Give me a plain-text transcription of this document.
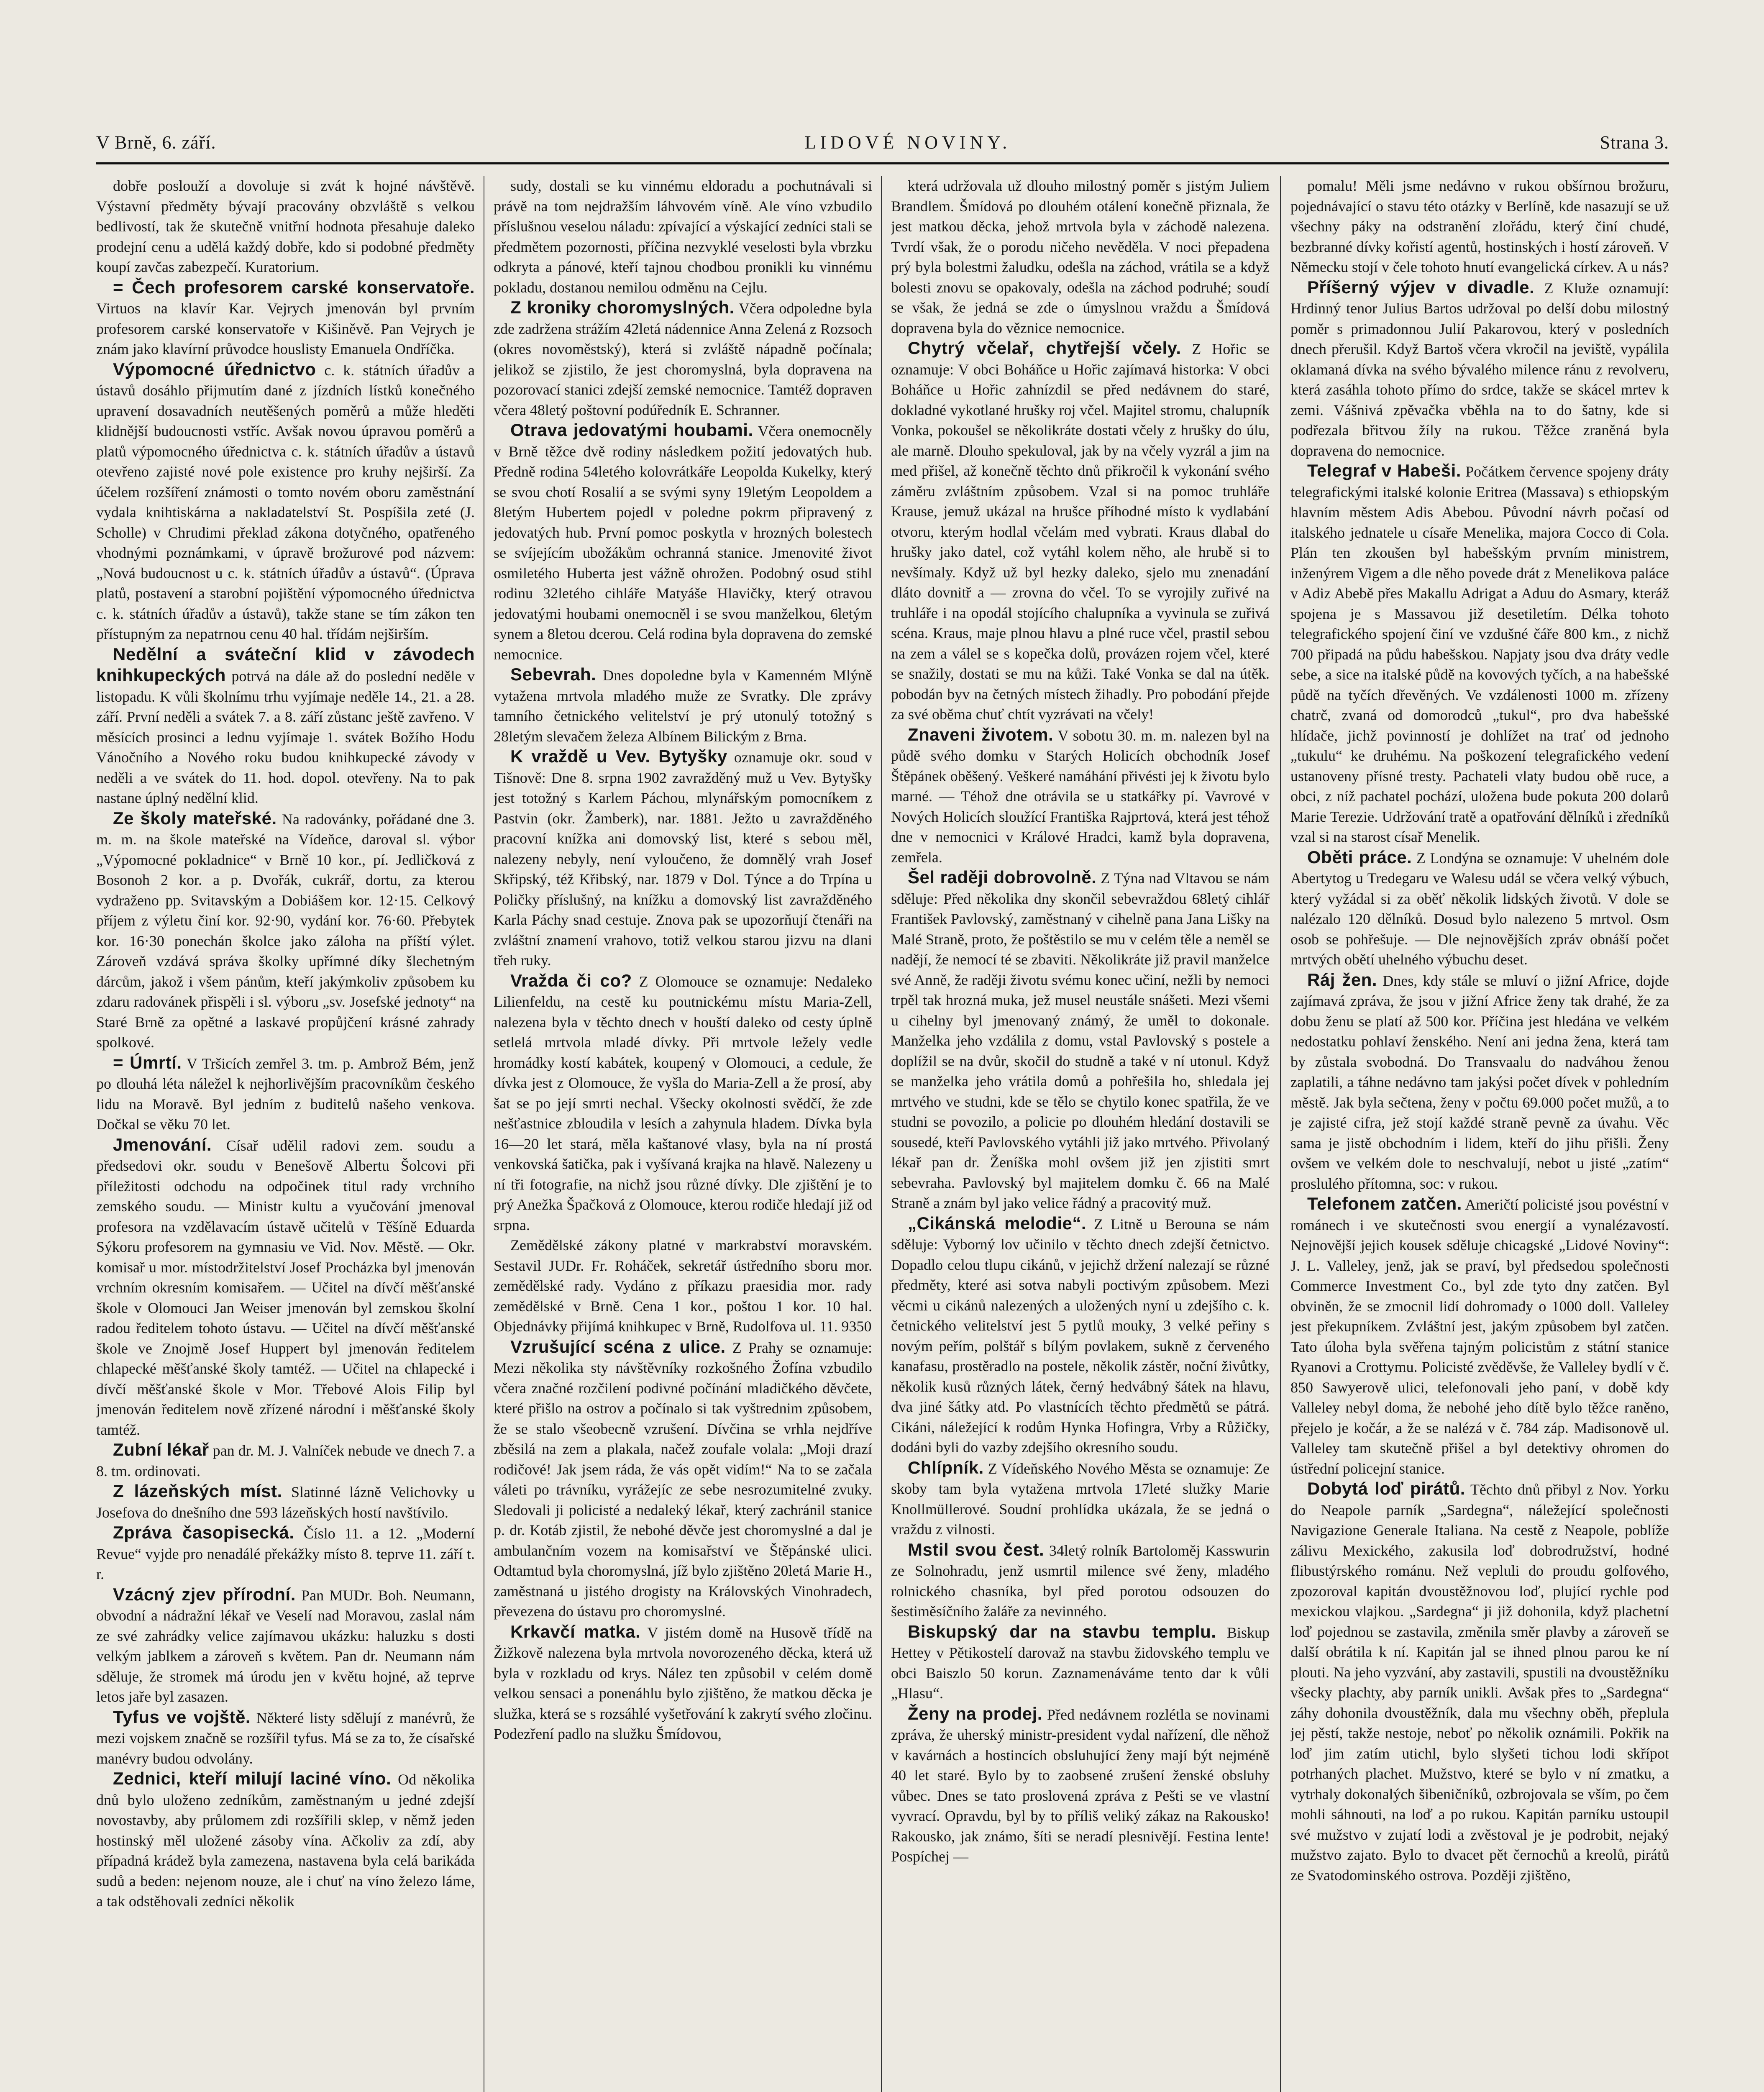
V Brně, 6. září.	LIDOVÉ NOVINY.	Strana 3.

dobře poslouží a dovoluje si zvát k hojné návštěvě. Výstavní předměty bývají pracovány obzvláště s velkou bedlivostí, tak že skutečně vnitřní hodnota přesahuje daleko prodejní cenu a udělá každý dobře, kdo si podobné předměty koupí zavčas zabezpečí. Kuratorium.

= Čech profesorem carské konservatoře. Virtuos na klavír Kar. Vejrych jmenován byl prvním profesorem carské konservatoře v Kišiněvě. Pan Vejrych je znám jako klavírní průvodce houslisty Emanuela Ondříčka.

Výpomocné úřednictvo c. k. státních úřadův a ústavů dosáhlo přijmutím dané z jízdních lístků konečného upravení dosavadních neutěšených poměrů a může hleděti klidnější budoucnosti vstříc. Avšak novou úpravou poměrů a platů výpomocného úřednictva c. k. státních úřadův a ústavů otevřeno zajisté nové pole existence pro kruhy nejširší. Za účelem rozšíření známosti o tomto novém oboru zaměstnání vydala knihtiskárna a nakladatelství St. Pospíšila zeté (J. Scholle) v Chrudimi překlad zákona dotyčného, opatřeného vhodnými poznámkami, v úpravě brožurové pod názvem: „Nová budoucnost u c. k. státních úřadův a ústavů“. (Úprava platů, postavení a starobní pojištění výpomocného úřednictva c. k. státních úřadův a ústavů), takže stane se tím zákon ten přístupným za nepatrnou cenu 40 hal. třídám nejširším.

Nedělní a sváteční klid v závodech knihkupeckých potrvá na dále až do poslední neděle v listopadu. K vůli školnímu trhu vyjímaje neděle 14., 21. a 28. září. První neděli a svátek 7. a 8. září zůstanc ještě zavřeno. V měsících prosinci a lednu vyjímaje 1. svátek Božího Hodu Vánočního a Nového roku budou knihkupecké závody v neděli a ve svátek do 11. hod. dopol. otevřeny. Na to pak nastane úplný nedělní klid.

Ze školy mateřské. Na radovánky, pořádané dne 3. m. m. na škole mateřské na Vídeňce, daroval sl. výbor „Výpomocné pokladnice“ v Brně 10 kor., pí. Jedličková z Bosonoh 2 kor. a p. Dvořák, cukrář, dortu, za kterou vydraženo pp. Svitavským a Dobiášem kor. 12·15. Celkový příjem z výletu činí kor. 92·90, vydání kor. 76·60. Přebytek kor. 16·30 ponechán školce jako záloha na příští výlet. Zároveň vzdává správa školky upřímné díky šlechetným dárcům, jakož i všem pánům, kteří jakýmkoliv způsobem ku zdaru radovánek přispěli i sl. výboru „sv. Josefské jednoty“ na Staré Brně za opětné a laskavé propůjčení krásné zahrady spolkové.

= Úmrtí. V Tršicích zemřel 3. tm. p. Ambrož Bém, jenž po dlouhá léta náležel k nejhorlivějším pracovníkům českého lidu na Moravě. Byl jedním z buditelů našeho venkova. Dočkal se věku 70 let.

Jmenování. Císař udělil radovi zem. soudu a předsedovi okr. soudu v Benešově Albertu Šolcovi při příležitosti odchodu na odpočinek titul rady vrchního zemského soudu. — Ministr kultu a vyučování jmenoval profesora na vzdělavacím ústavě učitelů v Těšíně Eduarda Sýkoru profesorem na gymnasiu ve Vid. Nov. Městě. — Okr. komisař u mor. místodržitelství Josef Procházka byl jmenován vrchním okresním komisařem. — Učitel na dívčí měšťanské škole v Olomouci Jan Weiser jmenován byl zemskou školní radou ředitelem tohoto ústavu. — Učitel na dívčí měšťanské škole ve Znojmě Josef Huppert byl jmenován ředitelem chlapecké měšťanské školy tamtéž. — Učitel na chlapecké i dívčí měšťanské škole v Mor. Třebové Alois Filip byl jmenován ředitelem nově zřízené národní i měšťanské školy tamtéž.

Zubní lékař pan dr. M. J. Valníček nebude ve dnech 7. a 8. tm. ordinovati.

Z lázeňských míst. Slatinné lázně Velichovky u Josefova do dnešního dne 593 lázeňských hostí navštívilo.

Zpráva časopisecká. Číslo 11. a 12. „Moderní Revue“ vyjde pro nenadálé překážky místo 8. teprve 11. září t. r.

Vzácný zjev přírodní. Pan MUDr. Boh. Neumann, obvodní a nádražní lékař ve Veselí nad Moravou, zaslal nám ze své zahrádky velice zajímavou ukázku: haluzku s dosti velkým jablkem a zároveň s květem. Pan dr. Neumann nám sděluje, že stromek má úrodu jen v květu hojné, až teprve letos jaře byl zasazen.

Tyfus ve vojště. Některé listy sdělují z manévrů, že mezi vojskem značně se rozšířil tyfus. Má se za to, že císařské manévry budou odvolány.

Zednici, kteří milují laciné víno. Od několika dnů bylo uloženo zedníkům, zaměstnaným u jedné zdejší novostavby, aby průlomem zdi rozšířili sklep, v němž jeden hostinský měl uložené zásoby vína. Ačkoliv za zdí, aby případná krádež byla zamezena, nastavena byla celá barikáda sudů a beden: nejenom nouze, ale i chuť na víno železo láme, a tak odstěhovali zedníci několik

sudy, dostali se ku vinnému eldoradu a pochutnávali si právě na tom nejdražším láhvovém víně. Ale víno vzbudilo příslušnou veselou náladu: zpívající a výskající zedníci stali se předmětem pozornosti, příčina nezvyklé veselosti byla vbrzku odkryta a pánové, kteří tajnou chodbou pronikli ku vinnému pokladu, dostanou nemilou odměnu na Cejlu.

Z kroniky choromyslných. Včera odpoledne byla zde zadržena strážím 42letá nádennice Anna Zelená z Rozsoch (okres novoměstský), která si zvláště nápadně počínala; jelikož se zjistilo, že jest choromyslná, byla dopravena na pozorovací stanici zdejší zemské nemocnice. Tamtéž dopraven včera 48letý poštovní podúředník E. Schranner.

Otrava jedovatými houbami. Včera onemocněly v Brně těžce dvě rodiny následkem požití jedovatých hub. Předně rodina 54letého kolovrátkáře Leopolda Kukelky, který se svou chotí Rosalií a se svými syny 19letým Leopoldem a 8letým Hubertem pojedl v poledne pokrm připravený z jedovatých hub. První pomoc poskytla v hrozných bolestech se svíjejícím ubožákům ochranná stanice. Jmenovité život osmiletého Huberta jest vážně ohrožen. Podobný osud stihl rodinu 32letého cihláře Matyáše Hlavičky, který otravou jedovatými houbami onemocněl i se svou manželkou, 6letým synem a 8letou dcerou. Celá rodina byla dopravena do zemské nemocnice.

Sebevrah. Dnes dopoledne byla v Kamenném Mlýně vytažena mrtvola mladého muže ze Svratky. Dle zprávy tamního četnického velitelství je prý utonulý totožný s 28letým slevačem železa Albínem Bilickým z Brna.

K vraždě u Vev. Bytyšky oznamuje okr. soud v Tišnově: Dne 8. srpna 1902 zavražděný muž u Vev. Bytyšky jest totožný s Karlem Páchou, mlynářským pomocníkem z Pastvin (okr. Žamberk), nar. 1881. Ježto u zavražděného pracovní knížka ani domovský list, které s sebou měl, nalezeny nebyly, není vyloučeno, že domnělý vrah Josef Skřipský, též Křibský, nar. 1879 v Dol. Týnce a do Trpína u Poličky příslušný, na knížku a domovský list zavražděného Karla Páchy snad cestuje. Znova pak se upozorňují čtenáři na zvláštní znamení vrahovo, totiž velkou starou jizvu na dlani třeh ruky.

Vražda či co? Z Olomouce se oznamuje: Nedaleko Lilienfeldu, na cestě ku poutnickému místu Maria-Zell, nalezena byla v těchto dnech v houští daleko od cesty úplně setlelá mrtvola mladé dívky. Při mrtvole ležely vedle hromádky kostí kabátek, koupený v Olomouci, a cedule, že dívka jest z Olomouce, že vyšla do Maria-Zell a že prosí, aby šat se po její smrti nechal. Všecky okolnosti svědčí, že zde nešťastnice zbloudila v lesích a zahynula hladem. Dívka byla 16—20 let stará, měla kaštanové vlasy, byla na ní prostá venkovská šatička, pak i vyšívaná krajka na hlavě. Nalezeny u ní tři fotografie, na nichž jsou různé dívky. Dle zjištění je to prý Anežka Špačková z Olomouce, kterou rodiče hledají již od srpna.

Zemědělské zákony platné v markrabství moravském. Sestavil JUDr. Fr. Roháček, sekretář ústředního sboru mor. zemědělské rady. Vydáno z příkazu praesidia mor. rady zemědělské v Brně. Cena 1 kor., poštou 1 kor. 10 hal. Objednávky přijímá knihkupec v Brně, Rudolfova ul. 11. 9350

Vzrušující scéna z ulice. Z Prahy se oznamuje: Mezi několika sty návštěvníky rozkošného Žofína vzbudilo včera značné rozčilení podivné počínání mladičkého děvčete, které přišlo na ostrov a počínalo si tak vyštrednim způsobem, že se stalo všeobecně vzrušení. Dívčina se vrhla nejdříve zběsilá na zem a plakala, načež zoufale volala: „Moji drazí rodičové! Jak jsem ráda, že vás opět vidím!“ Na to se začala váleti po trávníku, vyrážejíc ze sebe nesrozumitelné zvuky. Sledovali ji policisté a nedaleký lékař, který zachránil stanice p. dr. Kotáb zjistil, že nebohé děvče jest choromyslné a dal je ambulančním vozem na komisařství ve Štěpánské ulici. Odtamtud byla choromyslná, jíž bylo zjištěno 20letá Marie H., zaměstnaná u jistého drogisty na Královských Vinohradech, převezena do ústavu pro choromyslné.

Krkavčí matka. V jistém domě na Husově třídě na Žižkově nalezena byla mrtvola novorozeného děcka, která už byla v rozkladu od krys. Nález ten způsobil v celém domě velkou sensaci a ponenáhlu bylo zjištěno, že matkou děcka je služka, která se s rozsáhlé vyšetřování k zakrytí svého zločinu. Podezření padlo na služku Šmídovou,

která udržovala už dlouho milostný poměr s jistým Juliem Brandlem. Šmídová po dlouhém otálení konečně přiznala, že jest matkou děcka, jehož mrtvola byla v záchodě nalezena. Tvrdí však, že o porodu ničeho nevěděla. V noci přepadena prý byla bolestmi žaludku, odešla na záchod, vrátila se a když bolesti znovu se opakovaly, odešla na záchod podruhé; soudí se však, že jedná se zde o úmyslnou vraždu a Šmídová dopravena byla do věznice nemocnice.

Chytrý včelař, chytřejší včely. Z Hořic se oznamuje: V obci Boháňce u Hořic zajímavá historka: V obci Boháňce u Hořic zahnízdil se před nedávnem do staré, dokladné vykotlané hrušky roj včel. Majitel stromu, chalupník Vonka, pokoušel se několikráte dostati včely z hrušky do úlu, ale marně. Dlouho spekuloval, jak by na včely vyzrál a jim na med přišel, až konečně těchto dnů přikročil k vykonání svého záměru zvláštním způsobem. Vzal si na pomoc truhláře Krause, jemuž ukázal na hrušce příhodné místo k vydlabání otvoru, kterým hodlal včelám med vybrati. Kraus dlabal do hrušky jako datel, což vytáhl kolem něho, ale hrubě si to nevšímaly. Když už byl hezky daleko, sjelo mu znenadání dláto dovnitř a — zrovna do včel. To se vyrojily zuřivé na truhláře i na opodál stojícího chalupníka a vyvinula se zuřivá scéna. Kraus, maje plnou hlavu a plné ruce včel, prastil sebou na zem a válel se s kopečka dolů, provázen rojem včel, které se snažily, dostati se mu na kůži. Také Vonka se dal na útěk. pobodán byv na četných místech žihadly. Pro pobodání přejde za své oběma chuť chtít vyzrávati na včely!

Znaveni životem. V sobotu 30. m. m. nalezen byl na půdě svého domku v Starých Holicích obchodník Josef Štěpánek oběšený. Veškeré namáhání přivésti jej k životu bylo marné. — Téhož dne otrávila se u statkářky pí. Vavrové v Nových Holicích sloužící Františka Rajprtová, která jest téhož dne v nemocnici v Králové Hradci, kamž byla dopravena, zemřela.

Šel raději dobrovolně. Z Týna nad Vltavou se nám sděluje: Před několika dny skončil sebevraždou 68letý cihlář František Pavlovský, zaměstnaný v cihelně pana Jana Lišky na Malé Straně, proto, že poštěstilo se mu v celém těle a neměl se nadějí, že nemocí té se zbaviti. Několikráte již pravil manželce své Anně, že raději životu svému konec učiní, nežli by nemoci trpěl tak hrozná muka, jež musel neustále snášeti. Mezi všemi u cihelny byl jmenovaný známý, že uměl to dokonale. Manželka jeho vzdálila z domu, vstal Pavlovský s postele a doplížil se na dvůr, skočil do studně a také v ní utonul. Když se manželka jeho vrátila domů a pohřešila ho, shledala jej mrtvého ve studni, kde se tělo se chytilo konec spatřila, že ve studni se povozilo, a policie po dlouhém hledání dostavili se sousedé, kteří Pavlovského vytáhli již jako mrtvého. Přivolaný lékař pan dr. Ženíška mohl ovšem již jen zjistiti smrt sebevraha. Pavlovský byl majitelem domku č. 66 na Malé Straně a znám byl jako velice řádný a pracovitý muž.

„Cikánská melodie“. Z Litně u Berouna se nám sděluje: Vyborný lov učinilo v těchto dnech zdejší četnictvo. Dopadlo celou tlupu cikánů, v jejichž držení nalezají se různé předměty, které asi sotva nabyli poctivým způsobem. Mezi věcmi u cikánů nalezených a uložených nyní u zdejšího c. k. četnického velitelství jest 5 pytlů mouky, 3 velké peřiny s novým peřím, polštář s bílým povlakem, sukně z červeného kanafasu, prostěradlo na postele, několik zástěr, noční živůtky, několik kusů různých látek, černý hedvábný šátek na hlavu, dva jiné šátky atd. Po vlastnících těchto předmětů se pátrá. Cikáni, náležející k rodům Hynka Hofingra, Vrby a Růžičky, dodáni byli do vazby zdejšího okresního soudu.

Chlípník. Z Vídeňského Nového Města se oznamuje: Ze skoby tam byla vytažena mrtvola 17leté služky Marie Knollmüllerové. Soudní prohlídka ukázala, že se jedná o vraždu z vilnosti.

Mstil svou čest. 34letý rolník Bartoloměj Kasswurin ze Solnohradu, jenž usmrtil milence své ženy, mladého rolnického chasníka, byl před porotou odsouzen do šestiměsíčního žaláře za nevinného.

Biskupský dar na stavbu templu. Biskup Hettey v Pětikostelí darovaž na stavbu židovského templu ve obci Baiszlo 50 korun. Zaznamenáváme tento dar k vůli „Hlasu“.

Ženy na prodej. Před nedávnem rozlétla se novinami zpráva, že uherský ministr-president vydal nařízení, dle něhož v kavárnách a hostincích obsluhující ženy mají být nejméně 40 let staré. Bylo by to zaobsené zrušení ženské obsluhy vůbec. Dnes se tato proslovená zpráva z Pešti se ve vlastní vyvrací. Opravdu, byl by to příliš veliký zákaz na Rakousko! Rakousko, jak známo, šíti se neradí plesnivějí. Festina lente! Pospíchej —

pomalu! Měli jsme nedávno v rukou obšírnou brožuru, pojednávající o stavu této otázky v Berlíně, kde nasazují se už všechny páky na odstranění zlořádu, který činí chudé, bezbranné dívky kořistí agentů, hostinských i hostí zároveň. V Německu stojí v čele tohoto hnutí evangelická církev. A u nás?

Příšerný výjev v divadle. Z Kluže oznamují: Hrdinný tenor Julius Bartos udržoval po delší dobu milostný poměr s primadonnou Julií Pakarovou, který v posledních dnech přerušil. Když Bartoš včera vkročil na jeviště, vypálila oklamaná dívka na svého bývalého milence ránu z revolveru, která zasáhla tohoto přímo do srdce, takže se skácel mrtev k zemi. Vášnivá zpěvačka vběhla na to do šatny, kde si podřezala břitvou žíly na rukou. Těžce zraněná byla dopravena do nemocnice.

Telegraf v Habeši. Počátkem července spojeny dráty telegrafickými italské kolonie Eritrea (Massava) s ethiopským hlavním městem Adis Abebou. Původní návrh počasí od italského jednatele u císaře Menelika, majora Cocco di Cola. Plán ten zkoušen byl habešským prvním ministrem, inženýrem Vigem a dle něho povede drát z Menelikova paláce v Adiz Abebě přes Makallu Adrigat a Aduu do Asmary, kteráž spojena je s Massavou již desetiletím. Délka tohoto telegrafického spojení činí ve vzdušné čáře 800 km., z nichž 700 připadá na půdu habešskou. Napjaty jsou dva dráty vedle sebe, a sice na italské půdě na kovových tyčích, a na habešské půdě na tyčích dřevěných. Ve vzdálenosti 1000 m. zřízeny chatrč, zvaná od domorodců „tukul“, pro dva habešské hlídače, jichž povinností je dohlížet na trať od jednoho „tukulu“ ke druhému. Na poškození telegrafického vedení ustanoveny přísné tresty. Pachateli vlaty budou obě ruce, a obci, z níž pachatel pochází, uložena bude pokuta 200 dolarů Marie Terezie. Udržování tratě a opatřování dělníků i zředníků vzal si na starost císař Menelik.

Oběti práce. Z Londýna se oznamuje: V uhelném dole Abertytog u Tredegaru ve Walesu udál se včera velký výbuch, který vyžádal si za oběť několik lidských životů. V dole se nalézalo 120 dělníků. Dosud bylo nalezeno 5 mrtvol. Osm osob se pohřešuje. — Dle nejnovějších zpráv obnáší počet mrtvých obětí uhelného výbuchu deset.

Ráj žen. Dnes, kdy stále se mluví o jižní Africe, dojde zajímavá zpráva, že jsou v jižní Africe ženy tak drahé, že za dobu ženu se platí až 500 kor. Příčina jest hledána ve velkém nedostatku pohlaví ženského. Není ani jedna žena, která tam by zůstala svobodná. Do Transvaalu do nadváhou ženou zaplatili, a táhne nedávno tam jakýsi počet dívek v pohledním městě. Jak byla sečtena, ženy v počtu 69.000 počet mužů, a to je zajisté cifra, jež stojí každé straně pevně za úvahu. Věc sama je jistě obchodním i lidem, kteří do jihu přišli. Ženy ovšem ve velkém dole to neschvalují, nebot u jisté „zatím“ proslulého přítomna, soc: v rukou.

Telefonem zatčen. Američtí policisté jsou povéstní v románech i ve skutečnosti svou energií a vynalézavostí. Nejnovější jejich kousek sděluje chicagské „Lidové Noviny“: J. L. Valleley, jenž, jak se praví, byl předsedou společnosti Commerce Investment Co., byl zde tyto dny zatčen. Byl obviněn, že se zmocnil lidí dohromady o 1000 doll. Valleley jest překupníkem. Zvláštní jest, jakým způsobem byl zatčen. Tato úloha byla svěřena tajným policistům z státní stanice Ryanovi a Crottymu. Policisté zvěděvše, že Valleley bydlí v č. 850 Sawyerově ulici, telefonovali jeho paní, v době kdy Valleley nebyl doma, že nebohé jeho dítě bylo těžce raněno, přejelo je kočár, a že se nalézá v č. 784 záp. Madisonově ul. Valleley tam skutečně přišel a byl detektivy ohromen do ústřední policejní stanice.

Dobytá loď pirátů. Těchto dnů přibyl z Nov. Yorku do Neapole parník „Sardegna“, náležející společnosti Navigazione Generale Italiana. Na cestě z Neapole, poblíže zálivu Mexického, zakusila loď dobrodružství, hodné flibustýrského románu. Než vepluli do proudu golfového, zpozoroval kapitán dvoustěžnovou loď, plující rychle pod mexickou vlajkou. „Sardegna“ ji již dohonila, když plachetní loď pojednou se zastavila, změnila směr plavby a zároveň se další obrátila k ní. Kapitán jal se ihned plnou parou ke ní plouti. Na jeho vyzvání, aby zastavili, spustili na dvoustěžníku všecky plachty, aby parník unikli. Avšak přes to „Sardegna“ záhy dohonila dvoustěžník, dala mu všechny oběh, přeplula jej pěstí, takže nestoje, neboť po několik oznámili. Pokřik na loď jim zatím utichl, bylo slyšeti tichou lodi skřípot potrhaných plachet. Mužstvo, které se bylo v ní zmatku, a vytrhaly dokonalých šibeničníků, ozbrojovala se vším, po čem mohli sáhnouti, na loď a po rukou. Kapitán parníku ustoupil své mužstvo v zujatí lodi a zvěstoval je je podrobit, nejaký mužstvo zajato. Bylo to dvacet pět černochů a kreolů, pirátů ze Svatodominského ostrova. Později zjištěno,
